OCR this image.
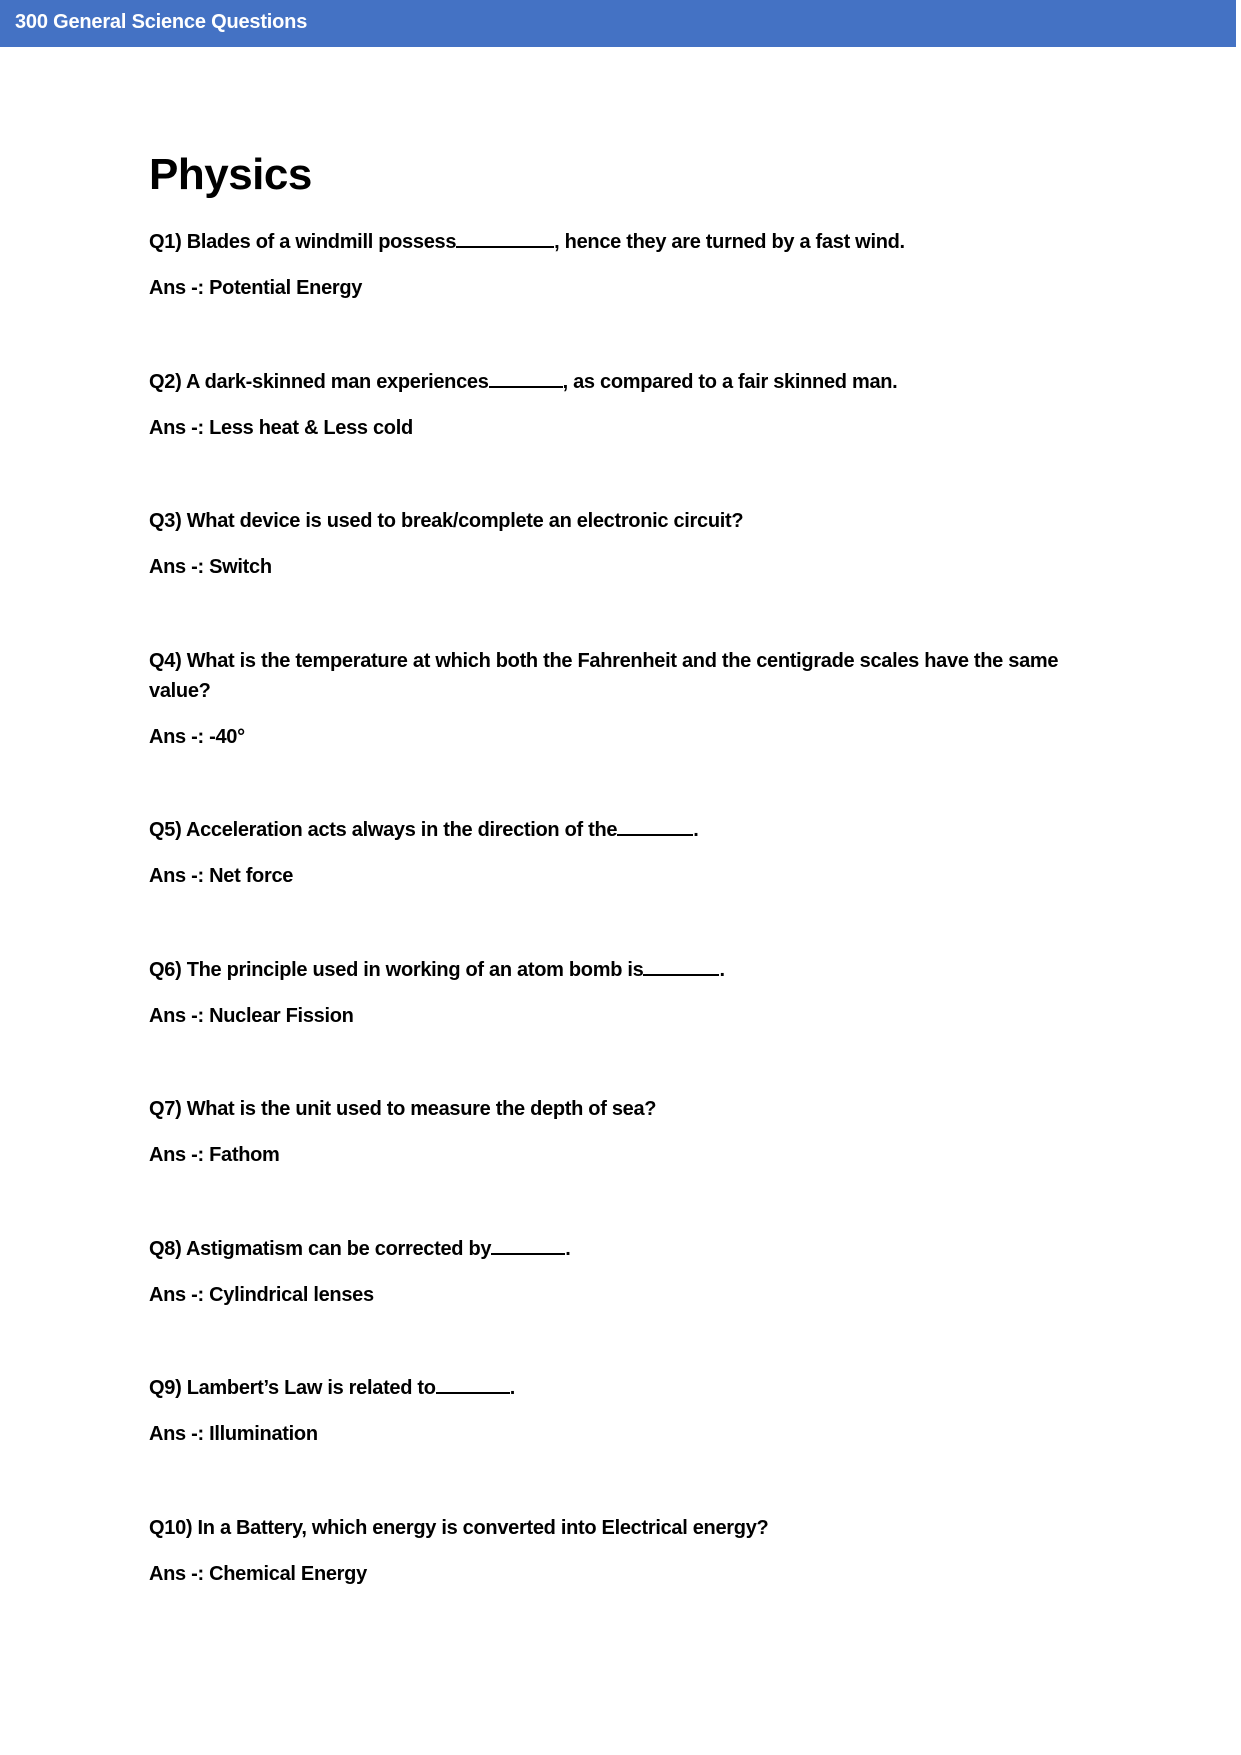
300 General Science Questions
Physics

Q1) Blades of a windmill possess	, hence they are turned by a fast wind.

Ans -: Potential Energy

Q2) A dark-skinned man experiences	, as compared to a fair skinned man.

Ans -: Less heat & Less cold

Q3) What device is used to break/complete an electronic circuit?

Ans -: Switch

Q4) What is the temperature at which both the Fahrenheit and the centigrade scales have the same value?

Ans -: -40°

Q5) Acceleration acts always in the direction of the	.

Ans -: Net force

Q6) The principle used in working of an atom bomb is	.

Ans -: Nuclear Fission

Q7) What is the unit used to measure the depth of sea?

Ans -: Fathom

Q8) Astigmatism can be corrected by	.

Ans -: Cylindrical lenses

Q9) Lambert’s Law is related to	.

Ans -: Illumination

Q10) In a Battery, which energy is converted into Electrical energy?

Ans -: Chemical Energy
